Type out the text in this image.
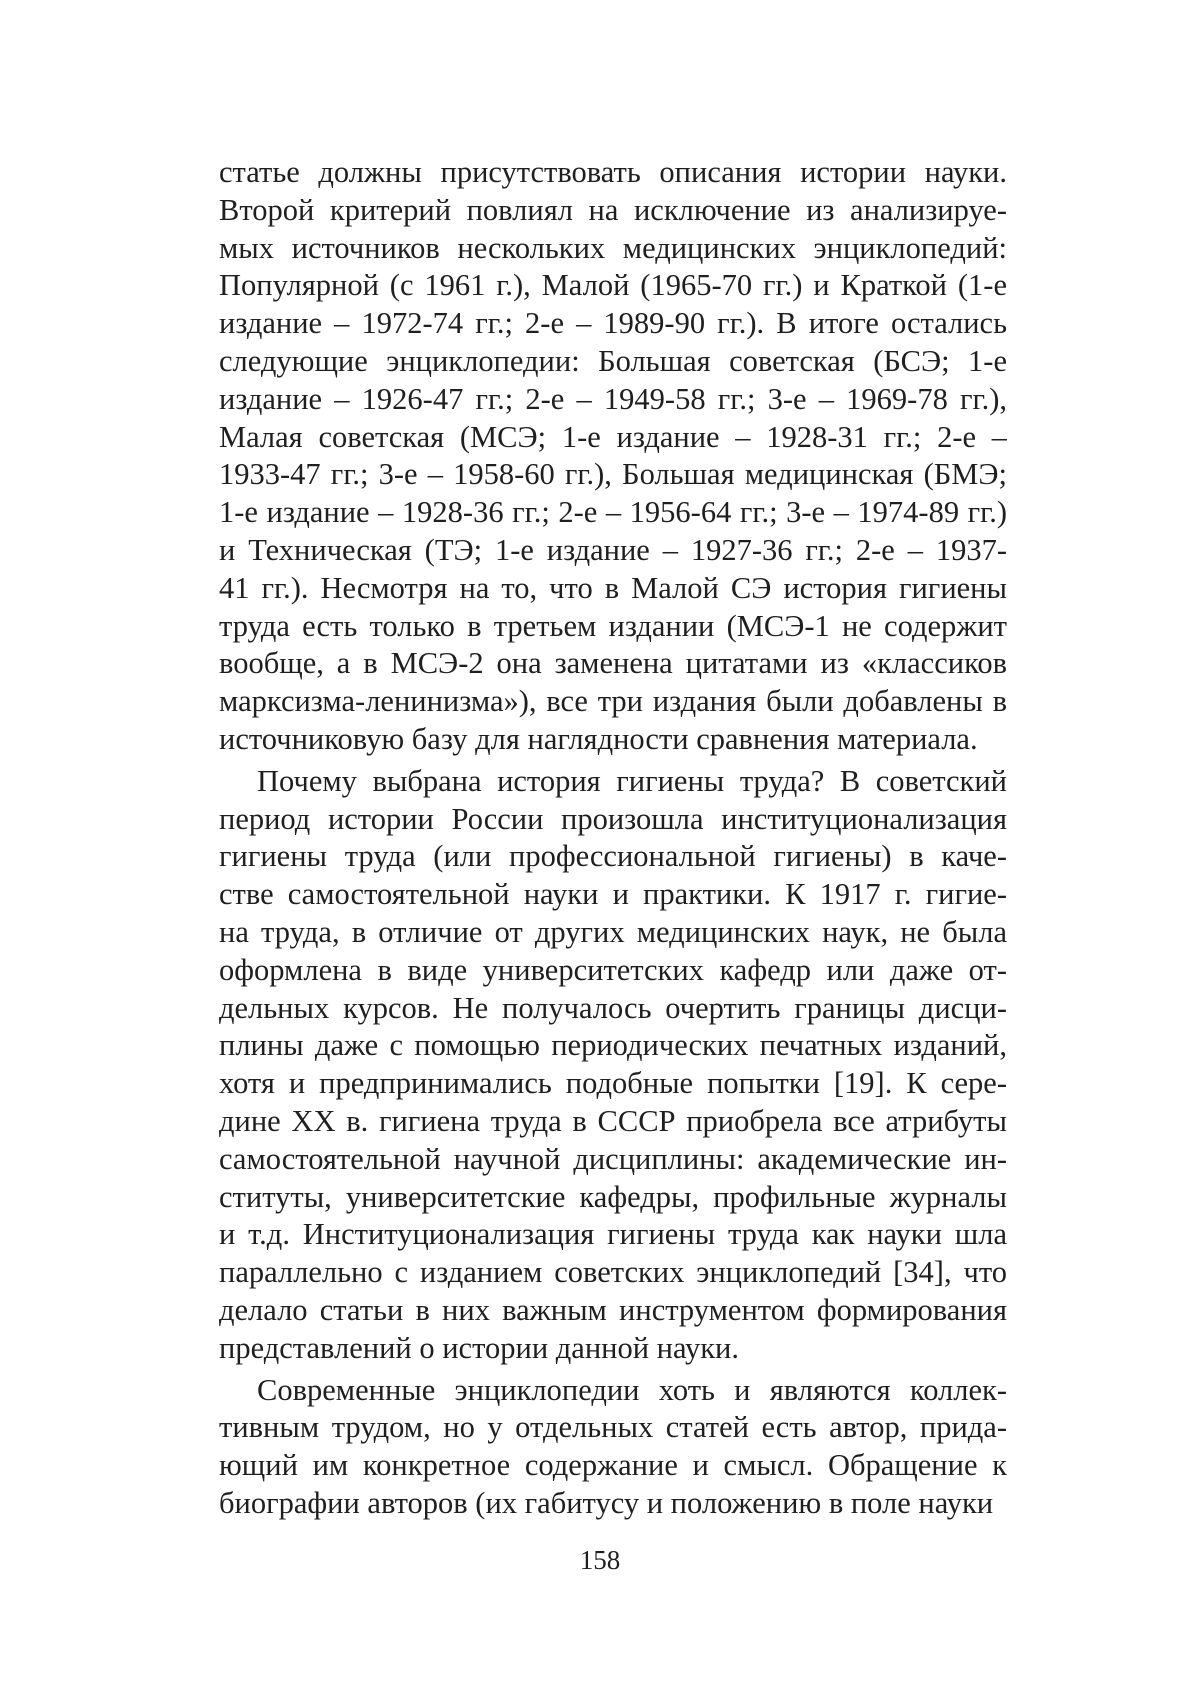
статье должны присутствовать описания истории науки.
Второй критерий повлиял на исключение из анализируе-
мых источников нескольких медицинских энциклопедий:
Популярной (с 1961 г.), Малой (1965-70 гг.) и Краткой (1-е
издание – 1972-74 гг.; 2-е – 1989-90 гг.). В итоге остались
следующие энциклопедии: Большая советская (БСЭ; 1-е
издание – 1926-47 гг.; 2-е – 1949-58 гг.; 3-е – 1969-78 гг.),
Малая советская (МСЭ; 1-е издание – 1928-31 гг.; 2-е –
1933-47 гг.; 3-е – 1958-60 гг.), Большая медицинская (БМЭ;
1-е издание – 1928-36 гг.; 2-е – 1956-64 гг.; 3-е – 1974-89 гг.)
и Техническая (ТЭ; 1-е издание – 1927-36 гг.; 2-е – 1937-
41 гг.). Несмотря на то, что в Малой СЭ история гигиены
труда есть только в третьем издании (МСЭ-1 не содержит
вообще, а в МСЭ-2 она заменена цитатами из «классиков
марксизма-ленинизма»), все три издания были добавлены в
источниковую базу для наглядности сравнения материала.
Почему выбрана история гигиены труда? В советский
период истории России произошла институционализация
гигиены труда (или профессиональной гигиены) в каче-
стве самостоятельной науки и практики. К 1917 г. гигие-
на труда, в отличие от других медицинских наук, не была
оформлена в виде университетских кафедр или даже от-
дельных курсов. Не получалось очертить границы дисци-
плины даже с помощью периодических печатных изданий,
хотя и предпринимались подобные попытки [19]. К сере-
дине XX в. гигиена труда в СССР приобрела все атрибуты
самостоятельной научной дисциплины: академические ин-
ституты, университетские кафедры, профильные журналы
и т.д. Институционализация гигиены труда как науки шла
параллельно с изданием советских энциклопедий [34], что
делало статьи в них важным инструментом формирования
представлений о истории данной науки.
Современные энциклопедии хоть и являются коллек-
тивным трудом, но у отдельных статей есть автор, прида-
ющий им конкретное содержание и смысл. Обращение к
биографии авторов (их габитусу и положению в поле науки
158
